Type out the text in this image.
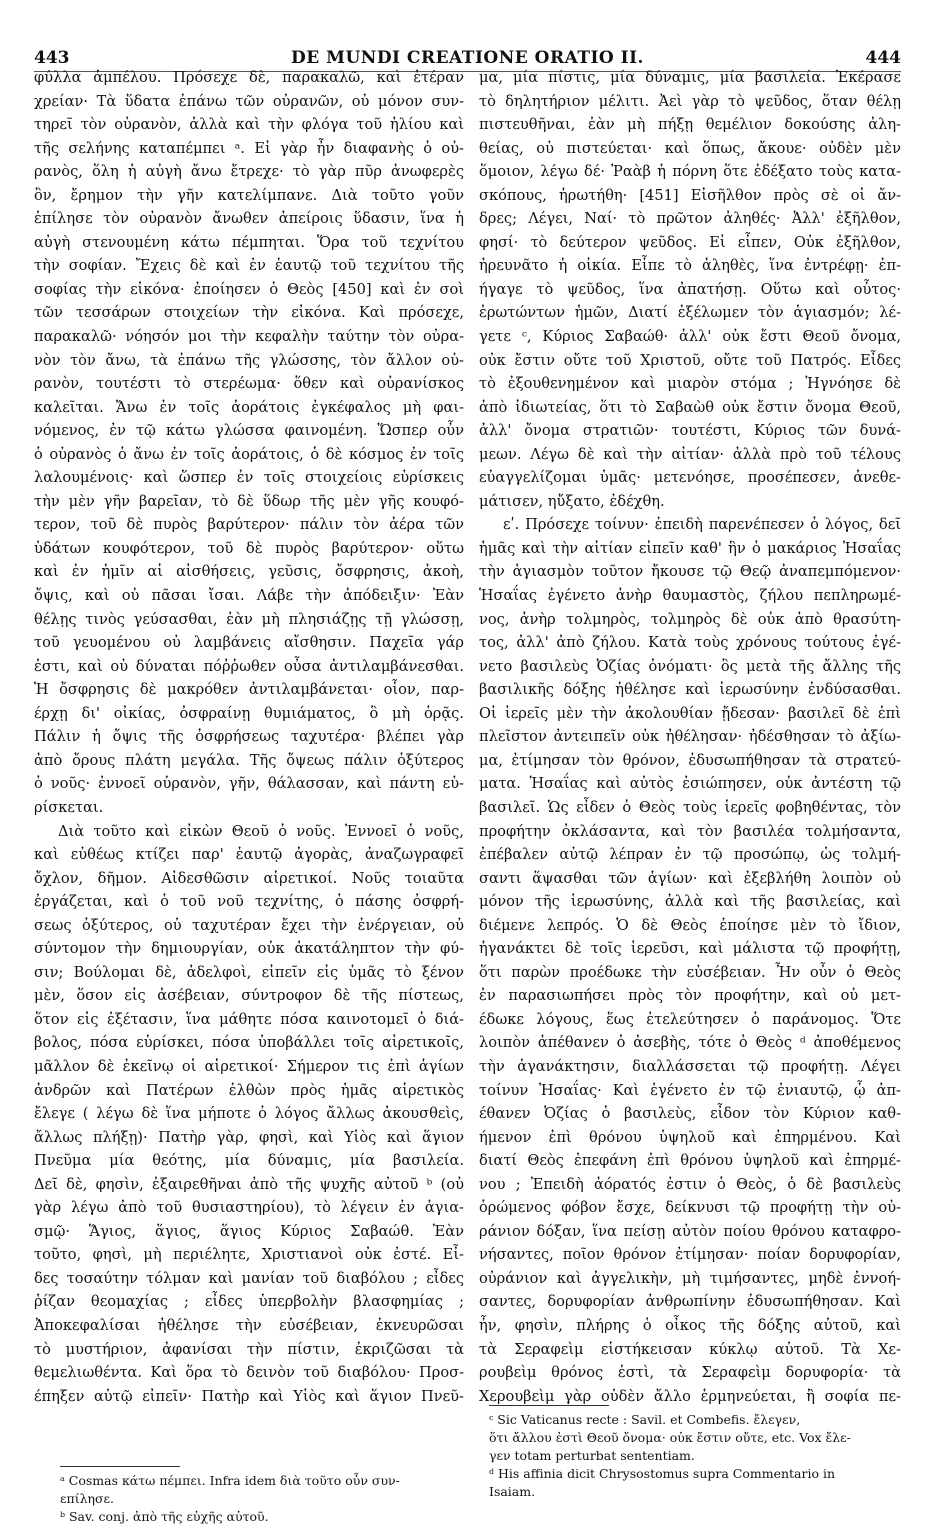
443	DE MUNDI CREATIONE ORATIO II.	444
φύλλα ἀμπέλου. Πρόσεχε δὲ, παρακαλῶ, καὶ ἑτέραν
χρείαν· Τὰ ὕδατα ἐπάνω τῶν οὐρανῶν, οὐ μόνον συν-
τηρεῖ τὸν οὐρανὸν, ἀλλὰ καὶ τὴν φλόγα τοῦ ἡλίου καὶ
τῆς σελήνης καταπέμπει ᵃ. Εἰ γὰρ ἦν διαφανὴς ὁ οὐ-
ρανὸς, ὅλη ἡ αὐγὴ ἄνω ἔτρεχε· τὸ γὰρ πῦρ ἀνωφερὲς
ὂν, ἔρημον τὴν γῆν κατελίμπανε. Διὰ τοῦτο γοῦν
ἐπίλησε τὸν οὐρανὸν ἄνωθεν ἀπείροις ὕδασιν, ἵνα ἡ
αὐγὴ στενουμένη κάτω πέμπηται. Ὅρα τοῦ τεχνίτου
τὴν σοφίαν. Ἔχεις δὲ καὶ ἐν ἑαυτῷ τοῦ τεχνίτου τῆς
σοφίας τὴν εἰκόνα· ἐποίησεν ὁ Θεὸς [450] καὶ ἐν σοὶ
τῶν τεσσάρων στοιχείων τὴν εἰκόνα. Καὶ πρόσεχε,
παρακαλῶ· νόησόν μοι τὴν κεφαλὴν ταύτην τὸν οὐρα-
νὸν τὸν ἄνω, τὰ ἐπάνω τῆς γλώσσης, τὸν ἄλλον οὐ-
ρανὸν, τουτέστι τὸ στερέωμα· ὅθεν καὶ οὐρανίσκος
καλεῖται. Ἄνω ἐν τοῖς ἀοράτοις ἐγκέφαλος μὴ φαι-
νόμενος, ἐν τῷ κάτω γλώσσα φαινομένη. Ὥσπερ οὖν
ὁ οὐρανὸς ὁ ἄνω ἐν τοῖς ἀοράτοις, ὁ δὲ κόσμος ἐν τοῖς
λαλουμένοις· καὶ ὥσπερ ἐν τοῖς στοιχείοις εὑρίσκεις
τὴν μὲν γῆν βαρεῖαν, τὸ δὲ ὕδωρ τῆς μὲν γῆς κουφό-
τερον, τοῦ δὲ πυρὸς βαρύτερον· πάλιν τὸν ἀέρα τῶν
ὑδάτων κουφότερον, τοῦ δὲ πυρὸς βαρύτερον· οὕτω
καὶ ἐν ἡμῖν αἱ αἰσθήσεις, γεῦσις, ὄσφρησις, ἀκοὴ,
ὄψις, καὶ οὐ πᾶσαι ἴσαι. Λάβε τὴν ἀπόδειξιν· Ἐὰν
θέλῃς τινὸς γεύσασθαι, ἐὰν μὴ πλησιάζῃς τῇ γλώσσῃ,
τοῦ γευομένου οὐ λαμβάνεις αἴσθησιν. Παχεῖα γάρ
ἐστι, καὶ οὐ δύναται πόῤῥωθεν οὖσα ἀντιλαμβάνεσθαι.
Ἡ ὄσφρησις δὲ μακρόθεν ἀντιλαμβάνεται· οἷον, παρ-
έρχῃ δι' οἰκίας, ὀσφραίνῃ θυμιάματος, ὃ μὴ ὁρᾷς.
Πάλιν ἡ ὄψις τῆς ὀσφρήσεως ταχυτέρα· βλέπει γὰρ
ἀπὸ ὄρους πλάτη μεγάλα. Τῆς ὄψεως πάλιν ὀξύτερος
ὁ νοῦς· ἐννοεῖ οὐρανὸν, γῆν, θάλασσαν, καὶ πάντη εὑ-
ρίσκεται.
Διὰ τοῦτο καὶ εἰκὼν Θεοῦ ὁ νοῦς. Ἐννοεῖ ὁ νοῦς,
καὶ εὐθέως κτίζει παρ' ἑαυτῷ ἀγορὰς, ἀναζωγραφεῖ
ὄχλον, δῆμον. Αἰδεσθῶσιν αἱρετικοί. Νοῦς τοιαῦτα
ἐργάζεται, καὶ ὁ τοῦ νοῦ τεχνίτης, ὁ πάσης ὀσφρή-
σεως ὀξύτερος, οὐ ταχυτέραν ἔχει τὴν ἐνέργειαν, οὐ
σύντομον τὴν δημιουργίαν, οὐκ ἀκατάληπτον τὴν φύ-
σιν; Βούλομαι δὲ, ἀδελφοὶ, εἰπεῖν εἰς ὑμᾶς τὸ ξένον
μὲν, ὅσον εἰς ἀσέβειαν, σύντροφον δὲ τῆς πίστεως,
ὅτον εἰς ἐξέτασιν, ἵνα μάθητε πόσα καινοτομεῖ ὁ διά-
βολος, πόσα εὑρίσκει, πόσα ὑποβάλλει τοῖς αἱρετικοῖς,
μᾶλλον δὲ ἐκεῖνῳ οἱ αἱρετικοί· Σήμερον τις ἐπὶ ἁγίων
ἀνδρῶν καὶ Πατέρων ἐλθὼν πρὸς ἡμᾶς αἱρετικὸς
ἔλεγε ( λέγω δὲ ἵνα μήποτε ὁ λόγος ἄλλως ἀκουσθεὶς,
ἄλλως πλήξῃ)· Πατὴρ γὰρ, φησὶ, καὶ Υἱὸς καὶ ἅγιον
Πνεῦμα μία θεότης, μία δύναμις, μία βασιλεία.
Δεῖ δὲ, φησὶν, ἐξαιρεθῆναι ἀπὸ τῆς ψυχῆς αὐτοῦ ᵇ (οὐ
γὰρ λέγω ἀπὸ τοῦ θυσιαστηρίου), τὸ λέγειν ἐν ἁγια-
σμῷ· Ἅγιος, ἅγιος, ἅγιος Κύριος Σαβαώθ. Ἐὰν
τοῦτο, φησὶ, μὴ περιέλητε, Χριστιανοὶ οὐκ ἐστέ. Εἶ-
δες τοσαύτην τόλμαν καὶ μανίαν τοῦ διαβόλου ; εἶδες
ῥίζαν θεομαχίας ; εἶδες ὑπερβολὴν βλασφημίας ;
Ἀποκεφαλίσαι ἠθέλησε τὴν εὐσέβειαν, ἐκνευρῶσαι
τὸ μυστήριον, ἀφανίσαι τὴν πίστιν, ἐκριζῶσαι τὰ
θεμελιωθέντα. Καὶ ὅρα τὸ δεινὸν τοῦ διαβόλου· Προσ-
έπηξεν αὐτῷ εἰπεῖν· Πατὴρ καὶ Υἱὸς καὶ ἅγιον Πνεῦ-
μα, μία πίστις, μία δύναμις, μία βασιλεία. Ἐκέρασε
τὸ δηλητήριον μέλιτι. Ἀεὶ γὰρ τὸ ψεῦδος, ὅταν θέλῃ
πιστευθῆναι, ἐὰν μὴ πήξῃ θεμέλιον δοκούσης ἀλη-
θείας, οὐ πιστεύεται· καὶ ὅπως, ἄκουε· οὐδὲν μὲν
ὅμοιον, λέγω δέ· Ῥαὰβ ἡ πόρνη ὅτε ἐδέξατο τοὺς κατα-
σκόπους, ἠρωτήθη· [451] Εἰσῆλθον πρὸς σὲ οἱ ἄν-
δρες; Λέγει, Ναί· τὸ πρῶτον ἀληθές· Ἀλλ' ἐξῆλθον,
φησί· τὸ δεύτερον ψεῦδος. Εἰ εἶπεν, Οὐκ ἐξῆλθον,
ἠρευνᾶτο ἡ οἰκία. Εἶπε τὸ ἀληθὲς, ἵνα ἐντρέφῃ· ἐπ-
ήγαγε τὸ ψεῦδος, ἵνα ἀπατήσῃ. Οὕτω καὶ οὗτος·
ἐρωτώντων ἡμῶν, Διατί ἐξέλωμεν τὸν ἁγιασμόν; λέ-
γετε ᶜ, Κύριος Σαβαώθ· ἀλλ' οὐκ ἔστι Θεοῦ ὄνομα,
οὐκ ἔστιν οὔτε τοῦ Χριστοῦ, οὔτε τοῦ Πατρός. Εἶδες
τὸ ἐξουθενημένον καὶ μιαρὸν στόμα ; Ἠγνόησε δὲ
ἀπὸ ἰδιωτείας, ὅτι τὸ Σαβαὼθ οὐκ ἔστιν ὄνομα Θεοῦ,
ἀλλ' ὄνομα στρατιῶν· τουτέστι, Κύριος τῶν δυνά-
μεων. Λέγω δὲ καὶ τὴν αἰτίαν· ἀλλὰ πρὸ τοῦ τέλους
εὐαγγελίζομαι ὑμᾶς· μετενόησε, προσέπεσεν, ἀνεθε-
μάτισεν, ηὔξατο, ἐδέχθη.
εʹ. Πρόσεχε τοίνυν· ἐπειδὴ παρενέπεσεν ὁ λόγος, δεῖ
ἡμᾶς καὶ τὴν αἰτίαν εἰπεῖν καθ' ἣν ὁ μακάριος Ἡσαΐας
τὴν ἁγιασμὸν τοῦτον ἤκουσε τῷ Θεῷ ἀναπεμπόμενον·
Ἡσαΐας ἐγένετο ἀνὴρ θαυμαστὸς, ζήλου πεπληρωμέ-
νος, ἀνὴρ τολμηρὸς, τολμηρὸς δὲ οὐκ ἀπὸ θρασύτη-
τος, ἀλλ' ἀπὸ ζήλου. Κατὰ τοὺς χρόνους τούτους ἐγέ-
νετο βασιλεὺς Ὀζίας ὀνόματι· ὃς μετὰ τῆς ἄλλης τῆς
βασιλικῆς δόξης ἠθέλησε καὶ ἱερωσύνην ἐνδύσασθαι.
Οἱ ἱερεῖς μὲν τὴν ἀκολουθίαν ᾔδεσαν· βασιλεῖ δὲ ἐπὶ
πλεῖστον ἀντειπεῖν οὐκ ἠθέλησαν· ἠδέσθησαν τὸ ἀξίω-
μα, ἐτίμησαν τὸν θρόνον, ἐδυσωπήθησαν τὰ στρατεύ-
ματα. Ἡσαΐας καὶ αὐτὸς ἐσιώπησεν, οὐκ ἀντέστη τῷ
βασιλεῖ. Ὡς εἶδεν ὁ Θεὸς τοὺς ἱερεῖς φοβηθέντας, τὸν
προφήτην ὀκλάσαντα, καὶ τὸν βασιλέα τολμήσαντα,
ἐπέβαλεν αὐτῷ λέπραν ἐν τῷ προσώπῳ, ὡς τολμή-
σαντι ἅψασθαι τῶν ἁγίων· καὶ ἐξεβλήθη λοιπὸν οὐ
μόνον τῆς ἱερωσύνης, ἀλλὰ καὶ τῆς βασιλείας, καὶ
διέμενε λεπρός. Ὁ δὲ Θεὸς ἐποίησε μὲν τὸ ἴδιον,
ἠγανάκτει δὲ τοῖς ἱερεῦσι, καὶ μάλιστα τῷ προφήτῃ,
ὅτι παρὼν προέδωκε τὴν εὐσέβειαν. Ἦν οὖν ὁ Θεὸς
ἐν παρασιωπήσει πρὸς τὸν προφήτην, καὶ οὐ μετ-
έδωκε λόγους, ἕως ἐτελεύτησεν ὁ παράνομος. Ὅτε
λοιπὸν ἀπέθανεν ὁ ἀσεβὴς, τότε ὁ Θεὸς ᵈ ἀποθέμενος
τὴν ἀγανάκτησιν, διαλλάσσεται τῷ προφήτῃ. Λέγει
τοίνυν Ἡσαΐας· Καὶ ἐγένετο ἐν τῷ ἐνιαυτῷ, ᾧ ἀπ-
έθανεν Ὀζίας ὁ βασιλεὺς, εἶδον τὸν Κύριον καθ-
ήμενον ἐπὶ θρόνου ὑψηλοῦ καὶ ἐπηρμένου. Καὶ
διατί Θεὸς ἐπεφάνη ἐπὶ θρόνου ὑψηλοῦ καὶ ἐπηρμέ-
νου ; Ἐπειδὴ ἀόρατός ἐστιν ὁ Θεὸς, ὁ δὲ βασιλεὺς
ὁρώμενος φόβον ἔσχε, δείκνυσι τῷ προφήτῃ τὴν οὐ-
ράνιον δόξαν, ἵνα πείσῃ αὐτὸν ποίου θρόνου καταφρο-
νήσαντες, ποῖον θρόνον ἐτίμησαν· ποίαν δορυφορίαν,
οὐράνιον καὶ ἀγγελικὴν, μὴ τιμήσαντες, μηδὲ ἐννοή-
σαντες, δορυφορίαν ἀνθρωπίνην ἐδυσωπήθησαν. Καὶ
ἦν, φησὶν, πλήρης ὁ οἶκος τῆς δόξης αὐτοῦ, καὶ
τὰ Σεραφεὶμ εἱστήκεισαν κύκλῳ αὐτοῦ. Τὰ Χε-
ρουβεὶμ θρόνος ἐστὶ, τὰ Σεραφεὶμ δορυφορία· τὰ
Χερουβεὶμ γὰρ οὐδὲν ἄλλο ἑρμηνεύεται, ἢ σοφία πε-
ᵃ Cosmas κάτω πέμπει. Infra idem διὰ τοῦτο οὖν συν-
επίλησε.
ᵇ Sav. conj. ἀπὸ τῆς εὐχῆς αὐτοῦ.
ᶜ Sic Vaticanus recte : Savil. et Combefis. ἔλεγεν,
ὅτι ἄλλου ἐστὶ Θεοῦ ὄνομα· οὐκ ἔστιν οὔτε, etc. Vox ἔλε-
γεν totam perturbat sententiam.
ᵈ His affinia dicit Chrysostomus supra Commentario in
Isaiam.
